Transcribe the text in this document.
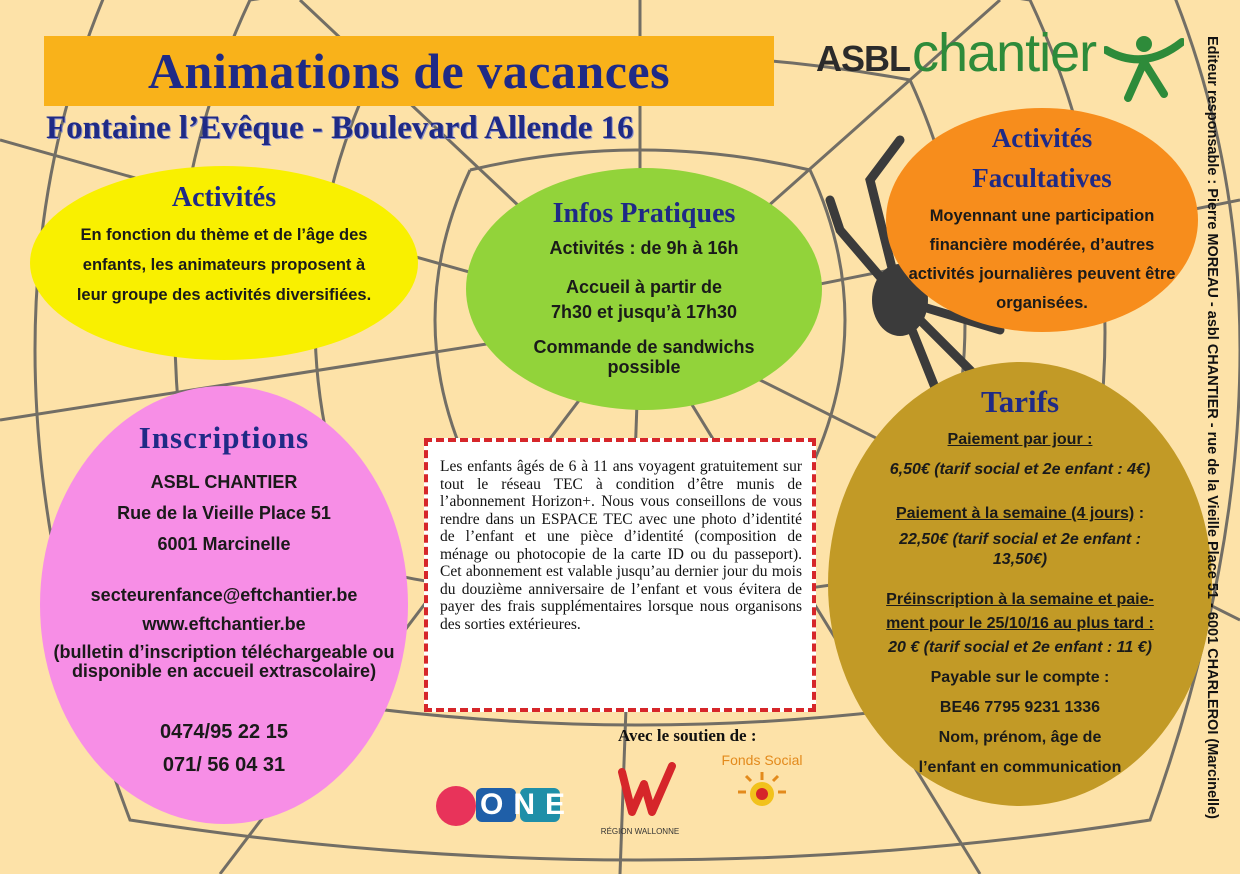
Animations de vacances
Fontaine l’Evêque - Boulevard Allende 16
ASBL chantier
Activités
En fonction du thème et de l’âge des enfants, les animateurs proposent à leur groupe des activités diversifiées.
Infos Pratiques
Activités : de 9h à 16h
Accueil à partir de
7h30 et jusqu’à 17h30
Commande de sandwichs
possible
Activités
Facultatives
Moyennant une participation financière modérée, d’autres activités journalières peuvent être organisées.
Inscriptions
ASBL CHANTIER
Rue de la Vieille Place 51
6001 Marcinelle
secteurenfance@eftchantier.be
www.eftchantier.be
(bulletin d’inscription téléchargeable ou
disponible en accueil extrascolaire)
0474/95 22 15
071/ 56 04 31
Tarifs
Paiement par jour :
6,50€ (tarif social et 2e enfant : 4€)
Paiement à la semaine (4 jours) :
22,50€ (tarif social et 2e enfant :
13,50€)
Préinscription à la semaine et paie-
ment pour le 25/10/16 au plus tard :
20 € (tarif social et 2e enfant : 11 €)
Payable sur le compte :
BE46 7795 9231 1336
Nom, prénom, âge de
l’enfant en communication
Les enfants âgés de 6 à 11 ans voyagent gratuitement sur tout le réseau TEC à condition d’être munis de l’abonnement Horizon+. Nous vous conseillons de vous rendre dans un ESPACE TEC avec une photo d’identité de l’enfant et une pièce d’identité (composition de ménage ou photocopie de la carte ID ou du passeport). Cet abonnement est valable jusqu’au dernier jour du mois du douzième anniversaire de l’enfant et vous évitera de payer des frais supplémentaires lorsque nous organisons des sorties extérieures.
Avec le soutien de :
ONE
RÉGION WALLONNE
Fonds Social	Editeur responsable : Pierre MOREAU - asbl CHANTIER - rue de la Vieille Place 51 - 6001 CHARLEROI (Marcinelle)
